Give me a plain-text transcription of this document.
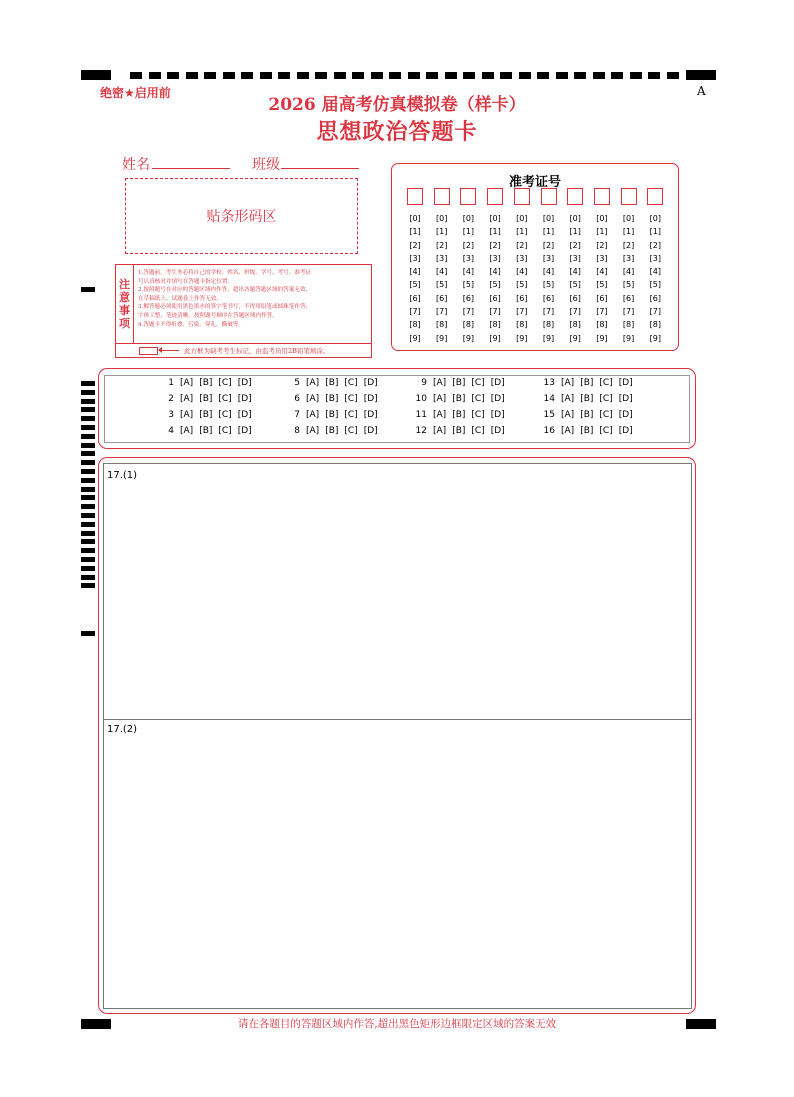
绝密★启用前	A
2026 届高考仿真模拟卷（样卡）
思想政治答题卡
姓名	班级
贴条形码区
注
意
事
项
1.答题前，考生务必将自己的学校、姓名、班级、学号、考号、准考证
号认真核对并填写在答题卡指定位置。
2.按照题号在对应的答题区域内作答，超出各题答题区域的答案无效，
在草稿纸上、试题卷上作答无效。
3.解答题必须使用黑色墨水的签字笔书写，不得用铅笔或圆珠笔作答；
字体工整、笔迹清晰。按照题号顺序在答题区域内作答。
4.答题卡不得折叠、污染、穿孔、撕破等。
此方框为缺考考生标记，由监考员用2B铅笔填涂。
准考证号
[0]
[1]
[2]
[3]
[4]
[5]
[6]
[7]
[8]
[9]
[0]
[1]
[2]
[3]
[4]
[5]
[6]
[7]
[8]
[9]
[0]
[1]
[2]
[3]
[4]
[5]
[6]
[7]
[8]
[9]
[0]
[1]
[2]
[3]
[4]
[5]
[6]
[7]
[8]
[9]
[0]
[1]
[2]
[3]
[4]
[5]
[6]
[7]
[8]
[9]
[0]
[1]
[2]
[3]
[4]
[5]
[6]
[7]
[8]
[9]
[0]
[1]
[2]
[3]
[4]
[5]
[6]
[7]
[8]
[9]
[0]
[1]
[2]
[3]
[4]
[5]
[6]
[7]
[8]
[9]
[0]
[1]
[2]
[3]
[4]
[5]
[6]
[7]
[8]
[9]
[0]
[1]
[2]
[3]
[4]
[5]
[6]
[7]
[8]
[9]
1 [A] [B] [C] [D]
2 [A] [B] [C] [D]
3 [A] [B] [C] [D]
4 [A] [B] [C] [D]
5 [A] [B] [C] [D]
6 [A] [B] [C] [D]
7 [A] [B] [C] [D]
8 [A] [B] [C] [D]
9 [A] [B] [C] [D]
10 [A] [B] [C] [D]
11 [A] [B] [C] [D]
12 [A] [B] [C] [D]
13 [A] [B] [C] [D]
14 [A] [B] [C] [D]
15 [A] [B] [C] [D]
16 [A] [B] [C] [D]
17.(1)
17.(2)
请在各题目的答题区域内作答,超出黑色矩形边框限定区域的答案无效
